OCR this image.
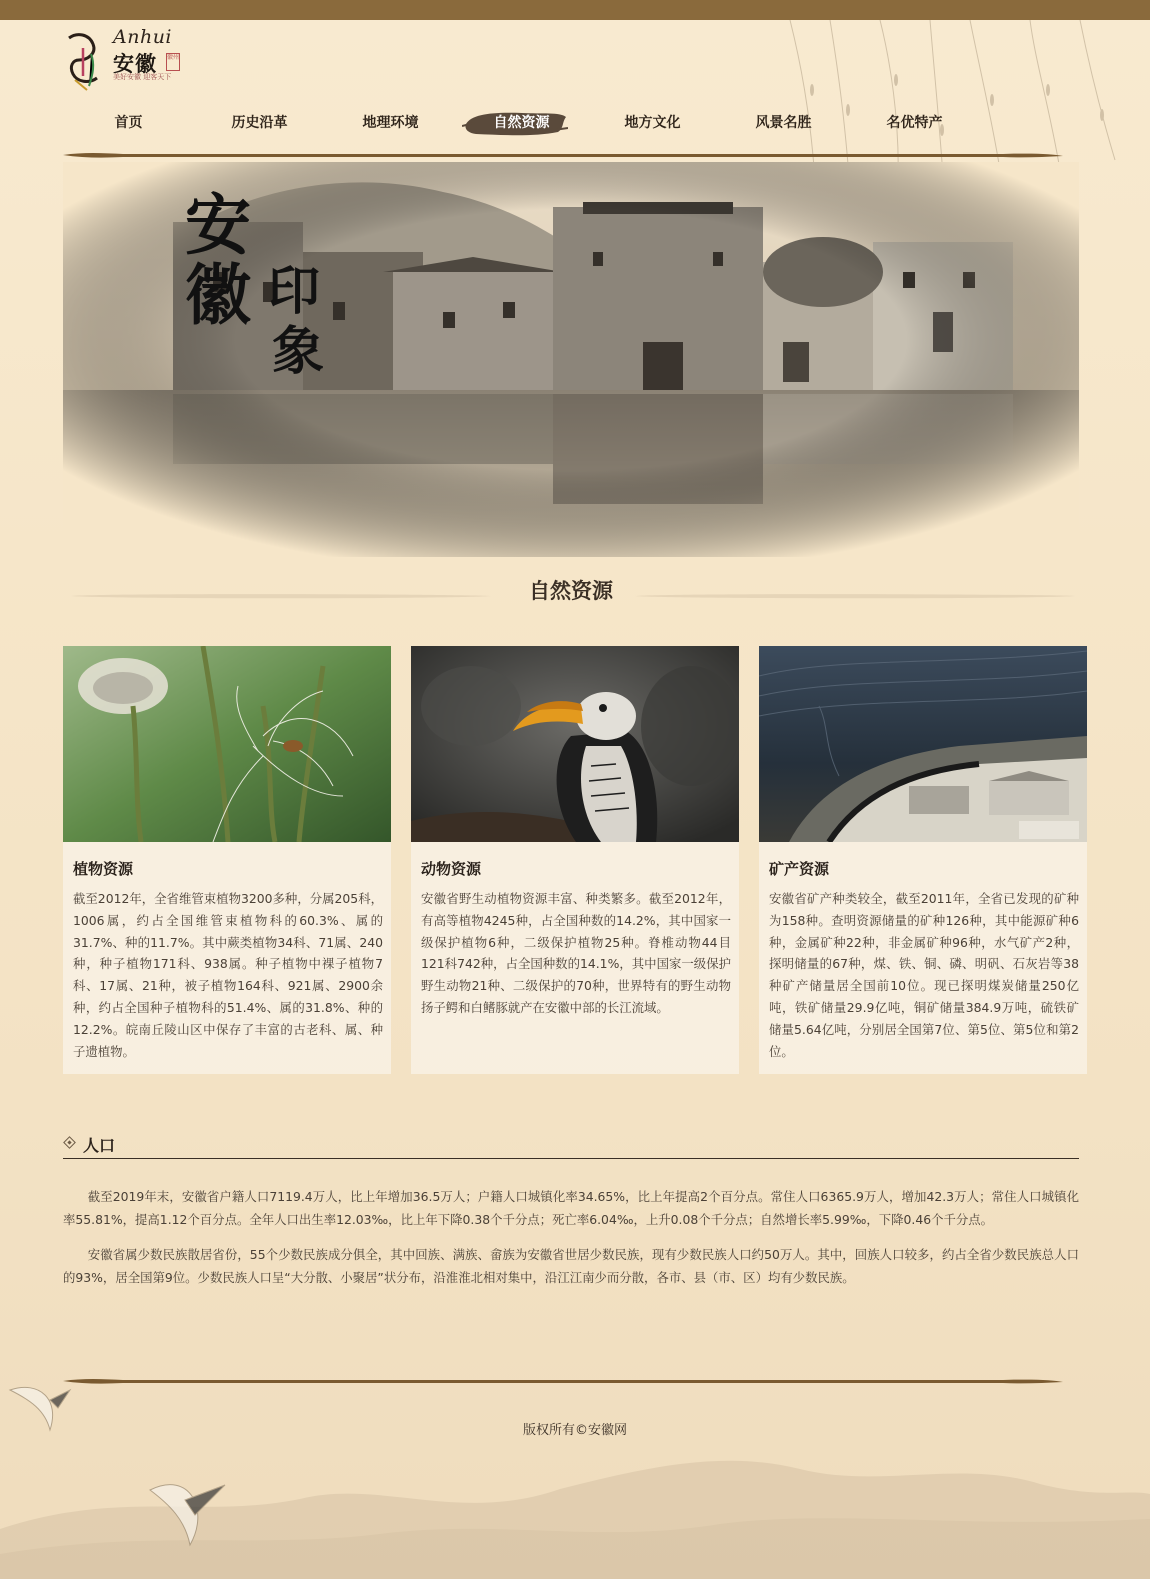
Anhui
安徽 徽州
美好安徽 迎客天下
首页	历史沿革	地理环境	自然资源	地方文化	风景名胜	名优特产
安
徽 印
象
自然资源
植物资源
截至2012年，全省维管束植物3200多种，分属205科，1006属，约占全国维管束植物科的60.3%、属的31.7%、种的11.7%。其中蕨类植物34科、71属、240种，种子植物171科、938属。种子植物中裸子植物7科、17属、21种，被子植物164科、921属、2900余种，约占全国种子植物科的51.4%、属的31.8%、种的12.2%。皖南丘陵山区中保存了丰富的古老科、属、种子遗植物。
动物资源
安徽省野生动植物资源丰富、种类繁多。截至2012年，有高等植物4245种，占全国种数的14.2%，其中国家一级保护植物6种，二级保护植物25种。脊椎动物44目121科742种，占全国种数的14.1%，其中国家一级保护野生动物21种、二级保护的70种，世界特有的野生动物扬子鳄和白鳍豚就产在安徽中部的长江流域。
矿产资源
安徽省矿产种类较全，截至2011年，全省已发现的矿种为158种。查明资源储量的矿种126种，其中能源矿种6种，金属矿种22种，非金属矿种96种，水气矿产2种，探明储量的67种，煤、铁、铜、磷、明矾、石灰岩等38种矿产储量居全国前10位。现已探明煤炭储量250亿吨，铁矿储量29.9亿吨，铜矿储量384.9万吨，硫铁矿储量5.64亿吨，分别居全国第7位、第5位、第5位和第2位。
人口

截至2019年末，安徽省户籍人口7119.4万人，比上年增加36.5万人；户籍人口城镇化率34.65%，比上年提高2个百分点。常住人口6365.9万人，增加42.3万人；常住人口城镇化率55.81%，提高1.12个百分点。全年人口出生率12.03‰，比上年下降0.38个千分点；死亡率6.04‰，上升0.08个千分点；自然增长率5.99‰，下降0.46个千分点。

安徽省属少数民族散居省份，55个少数民族成分俱全，其中回族、满族、畲族为安徽省世居少数民族，现有少数民族人口约50万人。其中，回族人口较多，约占全省少数民族总人口的93%，居全国第9位。少数民族人口呈“大分散、小聚居”状分布，沿淮淮北相对集中，沿江江南少而分散，各市、县（市、区）均有少数民族。

版权所有©安徽网
